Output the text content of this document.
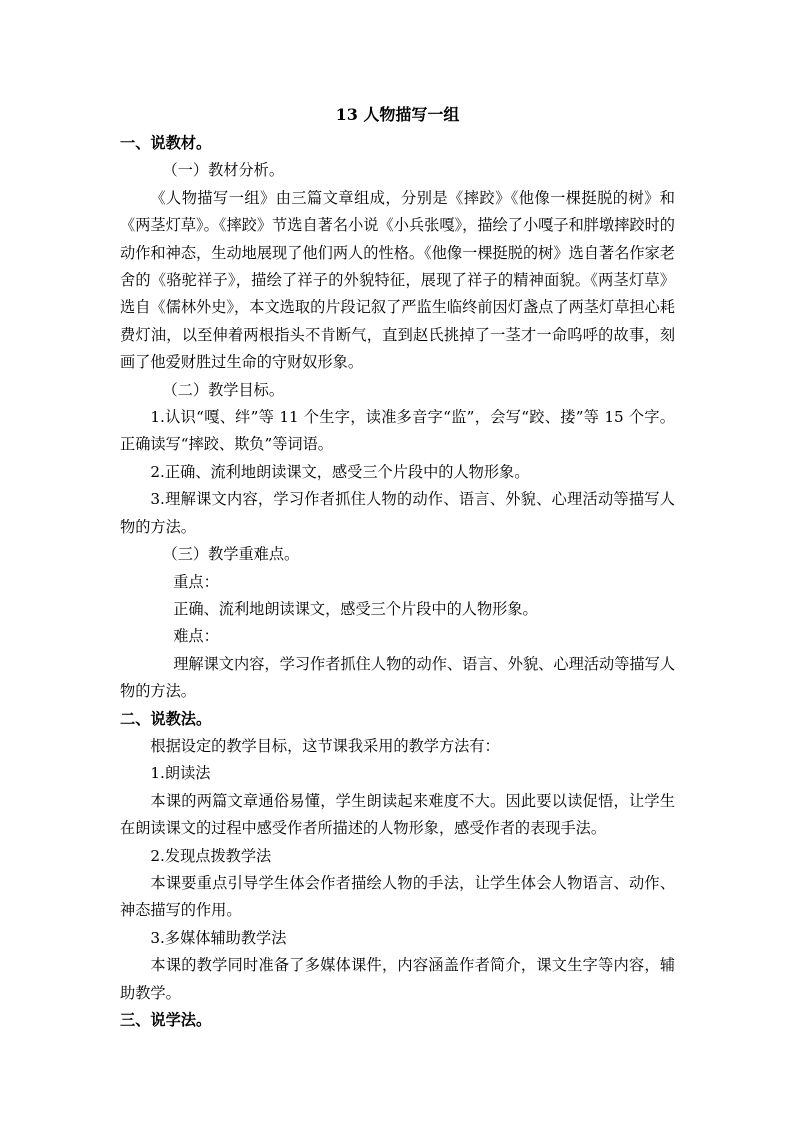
13 人物描写一组

一、说教材。

（一）教材分析。

《人物描写一组》由三篇文章组成，分别是《摔跤》《他像一棵挺脱的树》和《两茎灯草》。《摔跤》节选自著名小说《小兵张嘎》，描绘了小嘎子和胖墩摔跤时的动作和神态，生动地展现了他们两人的性格。《他像一棵挺脱的树》选自著名作家老舍的《骆驼祥子》，描绘了祥子的外貌特征，展现了祥子的精神面貌。《两茎灯草》选自《儒林外史》，本文选取的片段记叙了严监生临终前因灯盏点了两茎灯草担心耗费灯油，以至伸着两根指头不肯断气，直到赵氏挑掉了一茎才一命呜呼的故事，刻画了他爱财胜过生命的守财奴形象。

（二）教学目标。

1.认识“嘎、绊”等 11 个生字，读准多音字“监”，会写“跤、搂”等 15 个字。正确读写“摔跤、欺负”等词语。

2.正确、流利地朗读课文，感受三个片段中的人物形象。

3.理解课文内容，学习作者抓住人物的动作、语言、外貌、心理活动等描写人物的方法。

（三）教学重难点。

重点：

正确、流利地朗读课文，感受三个片段中的人物形象。

难点：

理解课文内容，学习作者抓住人物的动作、语言、外貌、心理活动等描写人物的方法。

二、说教法。

根据设定的教学目标，这节课我采用的教学方法有：

1.朗读法

本课的两篇文章通俗易懂，学生朗读起来难度不大。因此要以读促悟，让学生在朗读课文的过程中感受作者所描述的人物形象，感受作者的表现手法。

2.发现点拨教学法

本课要重点引导学生体会作者描绘人物的手法，让学生体会人物语言、动作、神态描写的作用。

3.多媒体辅助教学法

本课的教学同时准备了多媒体课件，内容涵盖作者简介，课文生字等内容，辅助教学。

三、说学法。
